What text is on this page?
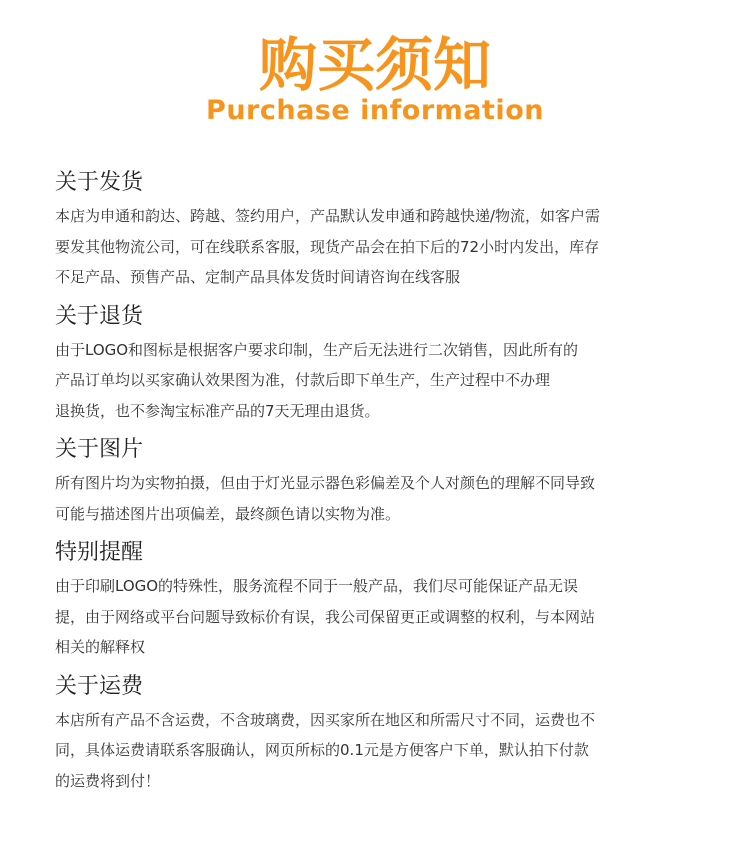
购买须知
Purchase information
关于发货
本店为申通和韵达、跨越、签约用户，产品默认发申通和跨越快递/物流，如客户需
要发其他物流公司，可在线联系客服，现货产品会在拍下后的72小时内发出，库存
不足产品、预售产品、定制产品具体发货时间请咨询在线客服
关于退货
由于LOGO和图标是根据客户要求印制，生产后无法进行二次销售，因此所有的
产品订单均以买家确认效果图为准，付款后即下单生产，生产过程中不办理
退换货，也不参淘宝标准产品的7天无理由退货。
关于图片
所有图片均为实物拍摄，但由于灯光显示器色彩偏差及个人对颜色的理解不同导致
可能与描述图片出项偏差，最终颜色请以实物为准。
特别提醒
由于印刷LOGO的特殊性，服务流程不同于一般产品，我们尽可能保证产品无误
提，由于网络或平台问题导致标价有误，我公司保留更正或调整的权利，与本网站
相关的解释权
关于运费
本店所有产品不含运费，不含玻璃费，因买家所在地区和所需尺寸不同，运费也不
同，具体运费请联系客服确认，网页所标的0.1元是方便客户下单，默认拍下付款
的运费将到付！
